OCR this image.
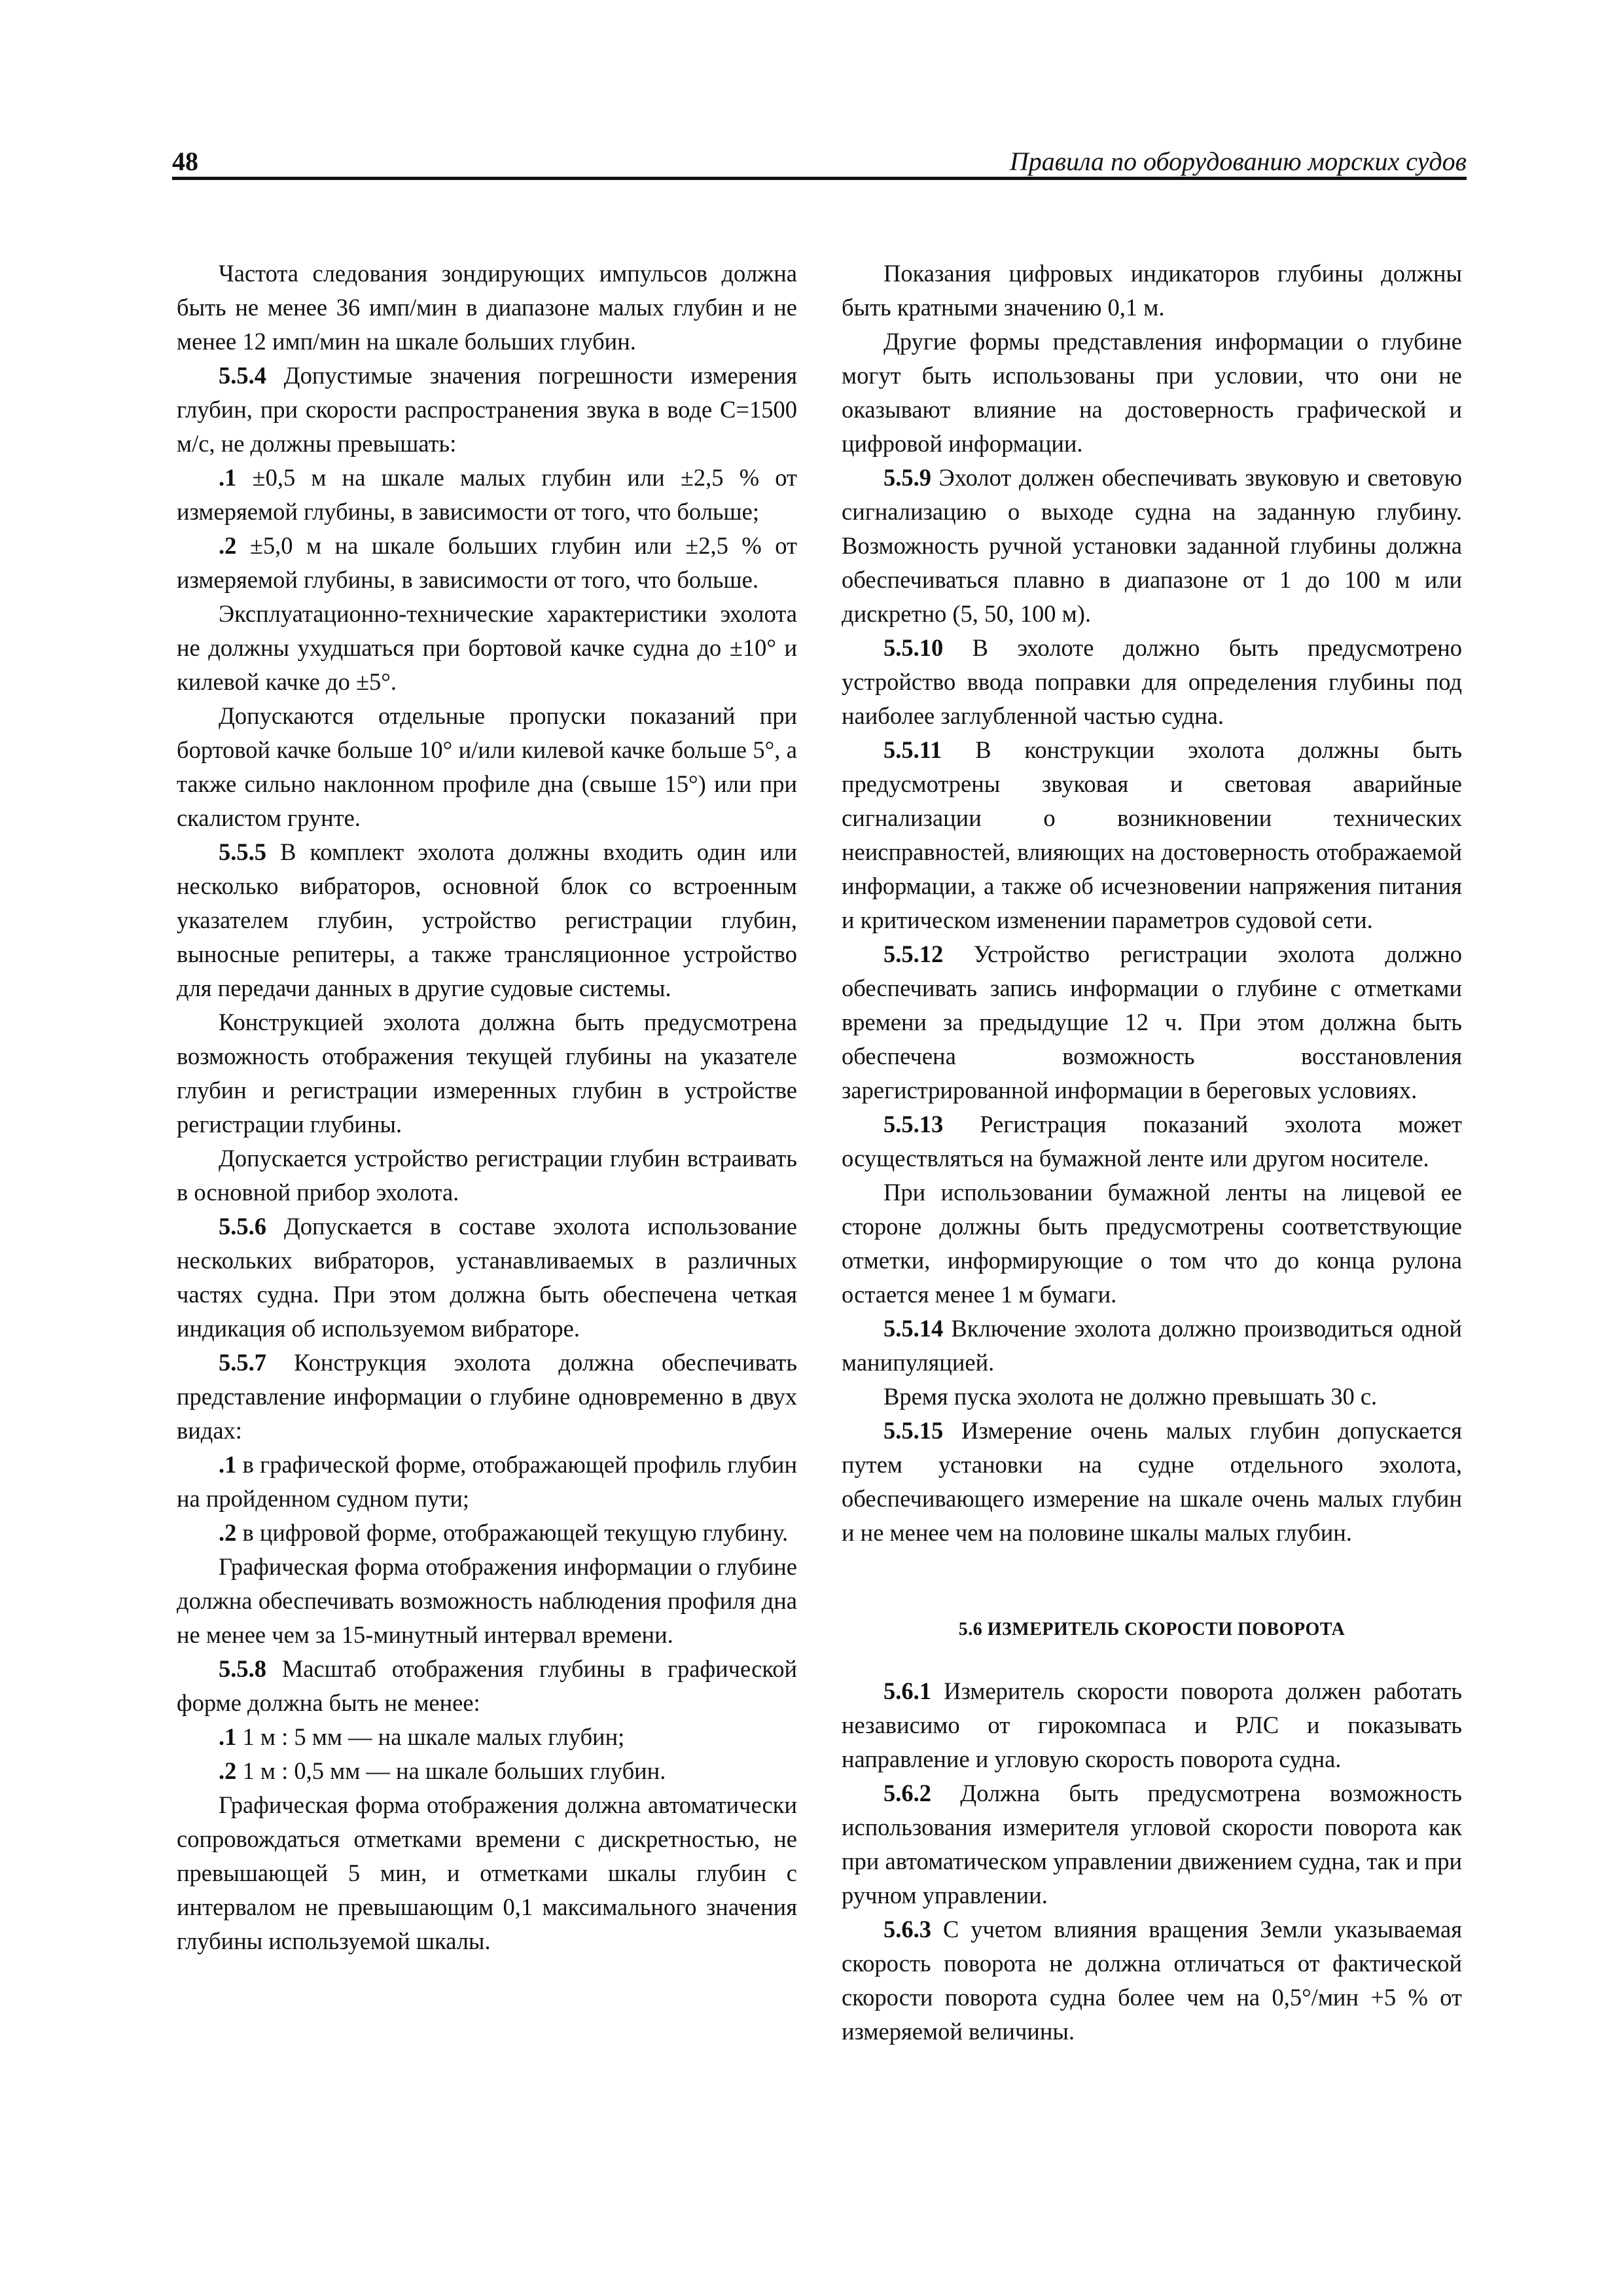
48	Правила по оборудованию морских судов

Частота следования зондирующих импульсов должна быть не менее 36 имп/мин в диапазоне малых глубин и не менее 12 имп/мин на шкале больших глубин.

5.5.4 Допустимые значения погрешности измерения глубин, при скорости распространения звука в воде C=1500 м/с, не должны превышать:

.1 ±0,5 м на шкале малых глубин или ±2,5 % от измеряемой глубины, в зависимости от того, что больше;

.2 ±5,0 м на шкале больших глубин или ±2,5 % от измеряемой глубины, в зависимости от того, что больше.

Эксплуатационно-технические характеристики эхолота не должны ухудшаться при бортовой качке судна до ±10° и килевой качке до ±5°.

Допускаются отдельные пропуски показаний при бортовой качке больше 10° и/или килевой качке больше 5°, а также сильно наклонном профиле дна (свыше 15°) или при скалистом грунте.

5.5.5 В комплект эхолота должны входить один или несколько вибраторов, основной блок со встроенным указателем глубин, устройство регистрации глубин, выносные репитеры, а также трансляционное устройство для передачи данных в другие судовые системы.

Конструкцией эхолота должна быть предусмотрена возможность отображения текущей глубины на указателе глубин и регистрации измеренных глубин в устройстве регистрации глубины.

Допускается устройство регистрации глубин встраивать в основной прибор эхолота.

5.5.6 Допускается в составе эхолота использование нескольких вибраторов, устанавливаемых в различных частях судна. При этом должна быть обеспечена четкая индикация об используемом вибраторе.

5.5.7 Конструкция эхолота должна обеспечивать представление информации о глубине одновременно в двух видах:

.1 в графической форме, отображающей профиль глубин на пройденном судном пути;

.2 в цифровой форме, отображающей текущую глубину.

Графическая форма отображения информации о глубине должна обеспечивать возможность наблюдения профиля дна не менее чем за 15-минутный интервал времени.

5.5.8 Масштаб отображения глубины в графической форме должна быть не менее:

.1 1 м : 5 мм — на шкале малых глубин;

.2 1 м : 0,5 мм — на шкале больших глубин.

Графическая форма отображения должна автоматически сопровождаться отметками времени с дискретностью, не превышающей 5 мин, и отметками шкалы глубин с интервалом не превышающим 0,1 максимального значения глубины используемой шкалы.

Показания цифровых индикаторов глубины должны быть кратными значению 0,1 м.

Другие формы представления информации о глубине могут быть использованы при условии, что они не оказывают влияние на достоверность графической и цифровой информации.

5.5.9 Эхолот должен обеспечивать звуковую и световую сигнализацию о выходе судна на заданную глубину. Возможность ручной установки заданной глубины должна обеспечиваться плавно в диапазоне от 1 до 100 м или дискретно (5, 50, 100 м).

5.5.10 В эхолоте должно быть предусмотрено устройство ввода поправки для определения глубины под наиболее заглубленной частью судна.

5.5.11 В конструкции эхолота должны быть предусмотрены звуковая и световая аварийные сигнализации о возникновении технических неисправностей, влияющих на достоверность отображаемой информации, а также об исчезновении напряжения питания и критическом изменении параметров судовой сети.

5.5.12 Устройство регистрации эхолота должно обеспечивать запись информации о глубине с отметками времени за предыдущие 12 ч. При этом должна быть обеспечена возможность восстановления зарегистрированной информации в береговых условиях.

5.5.13 Регистрация показаний эхолота может осуществляться на бумажной ленте или другом носителе.

При использовании бумажной ленты на лицевой ее стороне должны быть предусмотрены соответствующие отметки, информирующие о том что до конца рулона остается менее 1 м бумаги.

5.5.14 Включение эхолота должно производиться одной манипуляцией.

Время пуска эхолота не должно превышать 30 с.

5.5.15 Измерение очень малых глубин допускается путем установки на судне отдельного эхолота, обеспечивающего измерение на шкале очень малых глубин и не менее чем на половине шкалы малых глубин.

5.6 ИЗМЕРИТЕЛЬ СКОРОСТИ ПОВОРОТА

5.6.1 Измеритель скорости поворота должен работать независимо от гирокомпаса и РЛС и показывать направление и угловую скорость поворота судна.

5.6.2 Должна быть предусмотрена возможность использования измерителя угловой скорости поворота как при автоматическом управлении движением судна, так и при ручном управлении.

5.6.3 С учетом влияния вращения Земли указываемая скорость поворота не должна отличаться от фактической скорости поворота судна более чем на 0,5°/мин +5 % от измеряемой величины.
